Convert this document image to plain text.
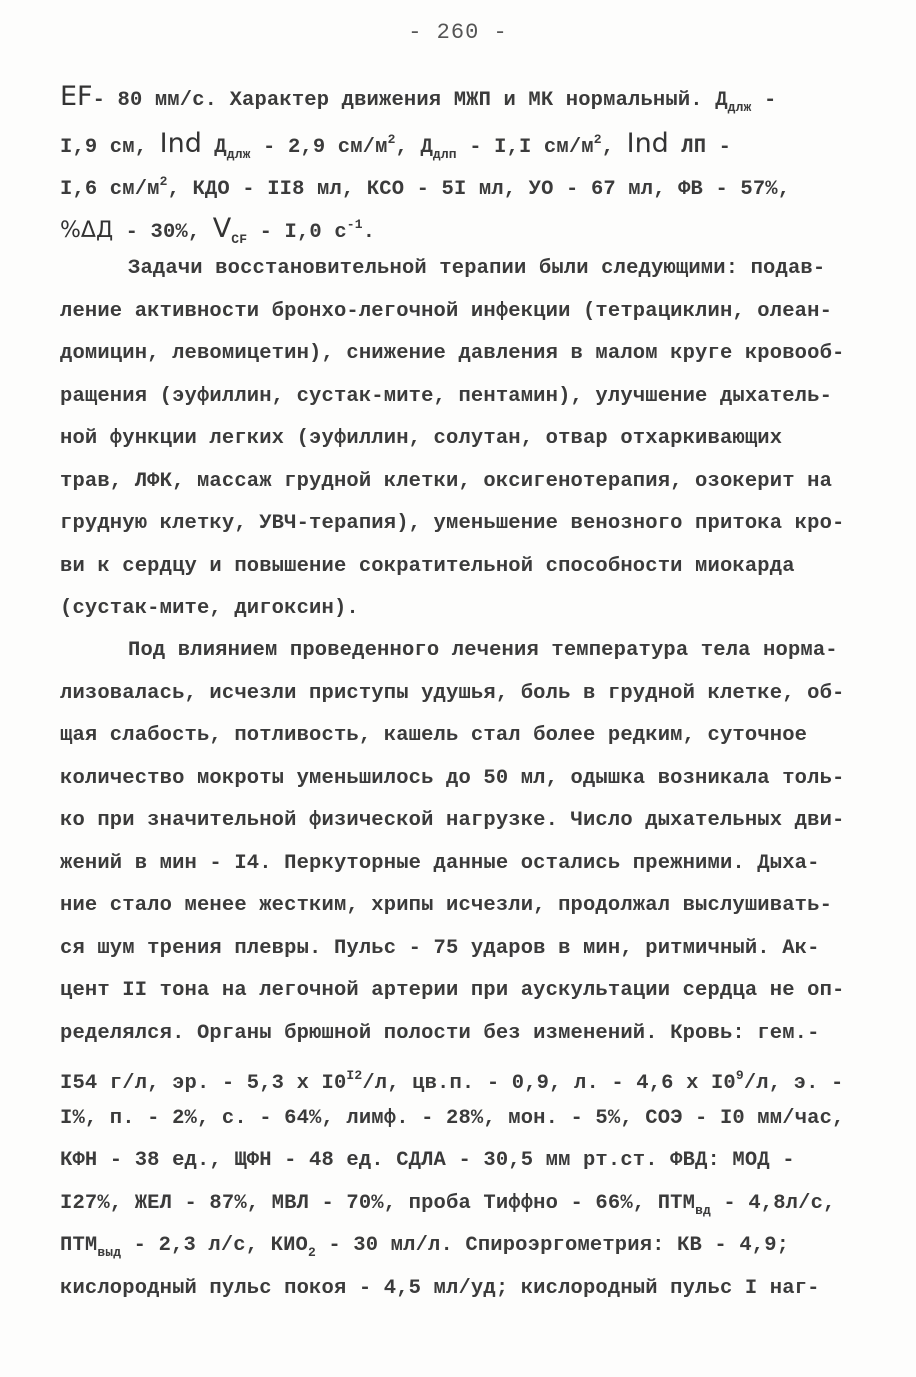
- 260 -
EF- 80 мм/с. Характер движения МЖП и МК нормальный. $Д_{длж}$ -
I,9 см, Ind $Д_{длж} - 2,9$ $см/м^2$, $Д_{длп} - I,I$ $см/м^2$, Ind ЛП -
I,6 $см/м^2$, КДО - II8 мл, КСО - 5I мл, УО - 67 мл, ФВ - 57%,
%ΔД - 30%, $V_{CF} - I,0$ $с^{-1}$.
Задачи восстановительной терапии были следующими: подав-
ление активности бронхо-легочной инфекции (тетрациклин, олеан-
домицин, левомицетин), снижение давления в малом круге кровооб-
ращения (эуфиллин, сустак-мите, пентамин), улучшение дыхатель-
ной функции легких (эуфиллин, солутан, отвар отхаркивающих
трав, ЛФК, массаж грудной клетки, оксигенотерапия, озокерит на
грудную клетку, УВЧ-терапия), уменьшение венозного притока кро-
ви к сердцу и повышение сократительной способности миокарда
(сустак-мите, дигоксин).
Под влиянием проведенного лечения температура тела норма-
лизовалась, исчезли приступы удушья, боль в грудной клетке, об-
щая слабость, потливость, кашель стал более редким, суточное
количество мокроты уменьшилось до 50 мл, одышка возникала толь-
ко при значительной физической нагрузке. Число дыхательных дви-
жений в мин - I4. Перкуторные данные остались прежними. Дыха-
ние стало менее жестким, хрипы исчезли, продолжал выслушивать-
ся шум трения плевры. Пульс - 75 ударов в мин, ритмичный. Ак-
цент II тона на легочной артерии при аускультации сердца не оп-
ределялся. Органы брюшной полости без изменений. Кровь: гем.-
I54 г/л, эр. - 5,3 х $I0^{I2}/л$, цв.п. - 0,9, л. - 4,6 х $I0^9/л$, э. -
I%, п. - 2%, с. - 64%, лимф. - 28%, мон. - 5%, СОЭ - I0 мм/час,
КФН - 38 ед., ЩФН - 48 ед. СДЛА - 30,5 мм рт.ст. ФВД: МОД -
I27%, ЖЕЛ - 87%, МВЛ - 70%, проба Тиффно - 66%, $ПТМ_{вд} - 4,8л/с$,
$ПТМ_{выд} - 2,3$ л/с, $КИО_2 - 30$ мл/л. Спироэргометрия: КВ - 4,9;
кислородный пульс покоя - 4,5 мл/уд; кислородный пульс I наг-
